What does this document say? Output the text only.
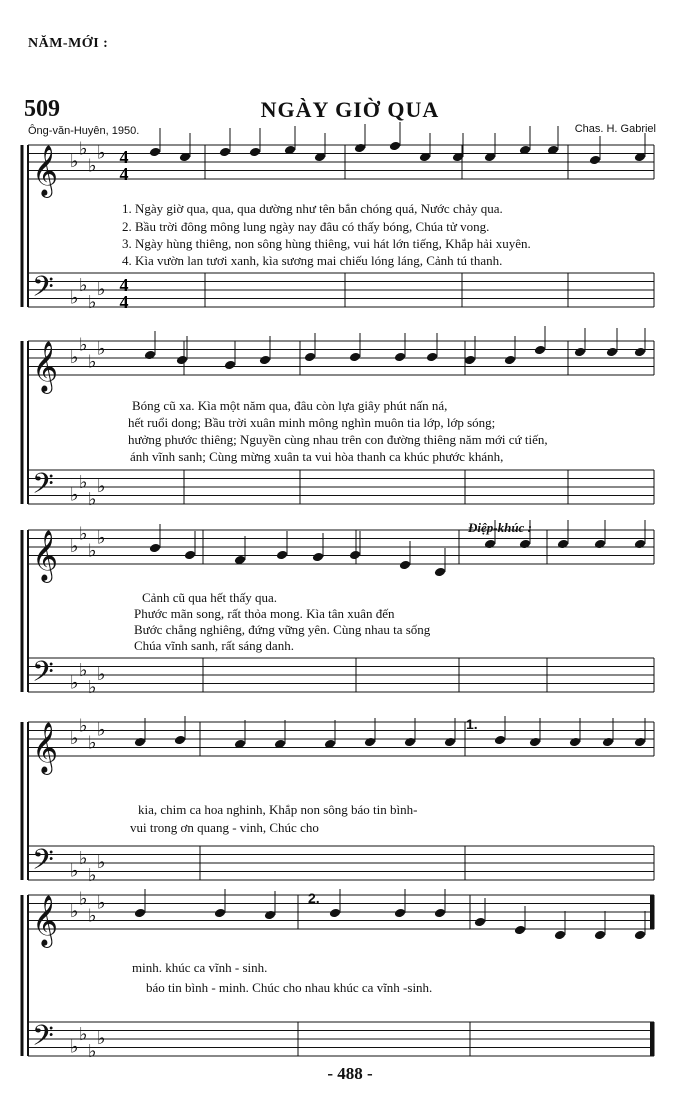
NĂM-MỚI :
509	NGÀY GIỜ QUA
Ông-văn-Huyên, 1950.	Chas. H. Gabriel
𝄞 ♭
♭
♭
♭
𝄢 ♭
♭
♭
♭
𝄞 ♭
♭
♭
♭
𝄢 ♭
♭
♭
♭
𝄞 ♭
♭
♭
♭
𝄢 ♭
♭
♭
♭
𝄞 ♭
♭
♭
♭
𝄢 ♭
♭
♭
♭
𝄞 ♭
♭
♭
♭
𝄢 ♭
♭
♭
♭
4
4
4
4
1. Ngày giờ qua, qua, qua dường như tên bắn chóng quá, Nước chảy qua.
2. Bầu trời đông mông lung ngày nay đâu có thấy bóng, Chúa tử vong.
3. Ngày hùng thiêng, non sông hùng thiêng, vui hát lớn tiếng, Khắp hải xuyên.
4. Kìa vườn lan tươi xanh, kìa sương mai chiếu lóng láng, Cảnh tú thanh.
Bóng cũ xa. Kìa một năm qua, đâu còn lựa giây phút nấn ná,
hết ruổi dong; Bầu trời xuân minh mông nghìn muôn tia lớp, lớp sóng;
hưởng phước thiêng; Nguyền cùng nhau trên con đường thiêng năm mới cứ tiến,
ánh vĩnh sanh; Cùng mừng xuân ta vui hòa thanh ca khúc phước khánh,
Điệp-khúc :
Cảnh cũ qua hết thấy qua.
Phước mãn song, rất thỏa mong. Kìa tân xuân đến
Bước chẳng nghiêng, đứng vững yên. Cùng nhau ta sống
Chúa vĩnh sanh, rất sáng danh.
1.
kia, chim ca hoa nghinh, Khắp non sông báo tin bình-
vui trong ơn quang - vinh, Chúc cho
2.
minh. khúc ca vĩnh - sinh.
báo tin bình - minh. Chúc cho nhau khúc ca vĩnh -sinh.
- 488 -
